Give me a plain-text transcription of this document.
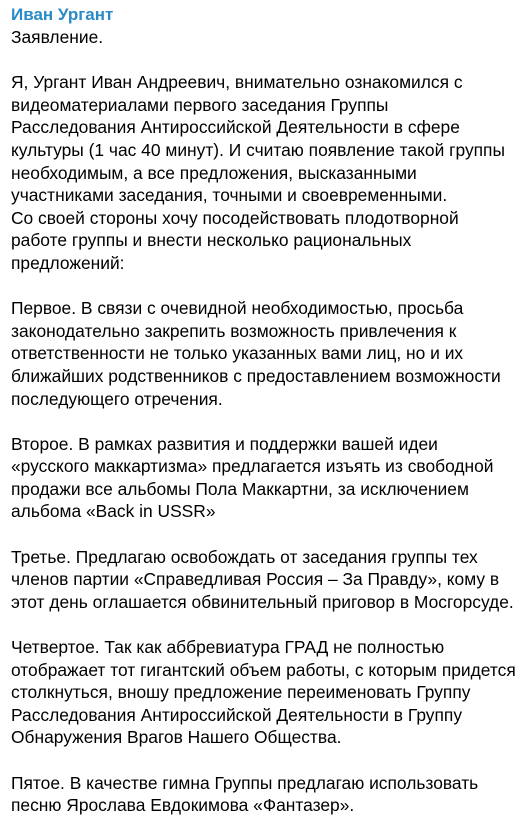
Иван Ургант

Заявление.

Я, Ургант Иван Андреевич, внимательно ознакомился с видеоматериалами первого заседания Группы Расследования Антироссийской Деятельности в сфере культуры (1 час 40 минут). И считаю появление такой группы необходимым, а все предложения, высказанными участниками заседания, точными и своевременными.

Со своей стороны хочу посодействовать плодотворной работе группы и внести несколько рациональных предложений:

Первое. В связи с очевидной необходимостью, просьба законодательно закрепить возможность привлечения к ответственности не только указанных вами лиц, но и их ближайших родственников с предоставлением возможности последующего отречения.

Второе. В рамках развития и поддержки вашей идеи «русского маккартизма» предлагается изъять из свободной продажи все альбомы Пола Маккартни, за исключением альбома «Back in USSR»

Третье. Предлагаю освобождать от заседания группы тех членов партии «Справедливая Россия – За Правду», кому в этот день оглашается обвинительный приговор в Мосгорсуде.

Четвертое. Так как аббревиатура ГРАД не полностью отображает тот гигантский объем работы, с которым придется столкнуться, вношу предложение переименовать Группу Расследования Антироссийской Деятельности в Группу Обнаружения Врагов Нашего Общества.

Пятое. В качестве гимна Группы предлагаю использовать песню Ярослава Евдокимова «Фантазер».
